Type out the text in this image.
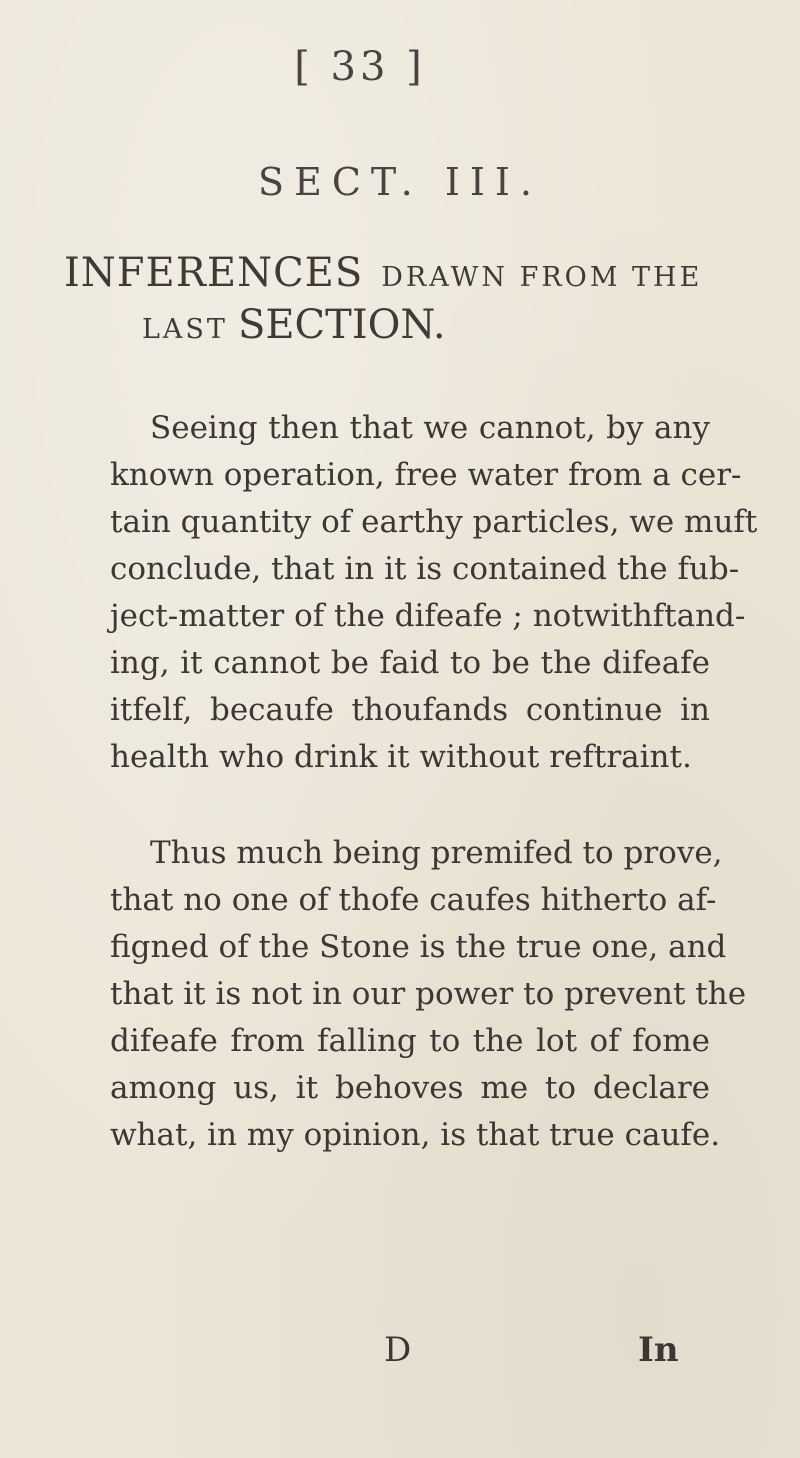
[ 33 ]
SECT. III.
INFERENCES DRAWN FROM THE
LAST SECTION.
Seeing then that we cannot, by any
known operation, free water from a cer-
tain quantity of earthy particles, we muft
conclude, that in it is contained the fub-
ject-matter of the difeafe ; notwithftand-
ing, it cannot be faid to be the difeafe
itfelf, becaufe thoufands continue in
health who drink it without reftraint.
Thus much being premifed to prove,
that no one of thofe caufes hitherto af-
figned of the Stone is the true one, and
that it is not in our power to prevent the
difeafe from falling to the lot of fome
among us, it behoves me to declare
what, in my opinion, is that true caufe.
D	In
